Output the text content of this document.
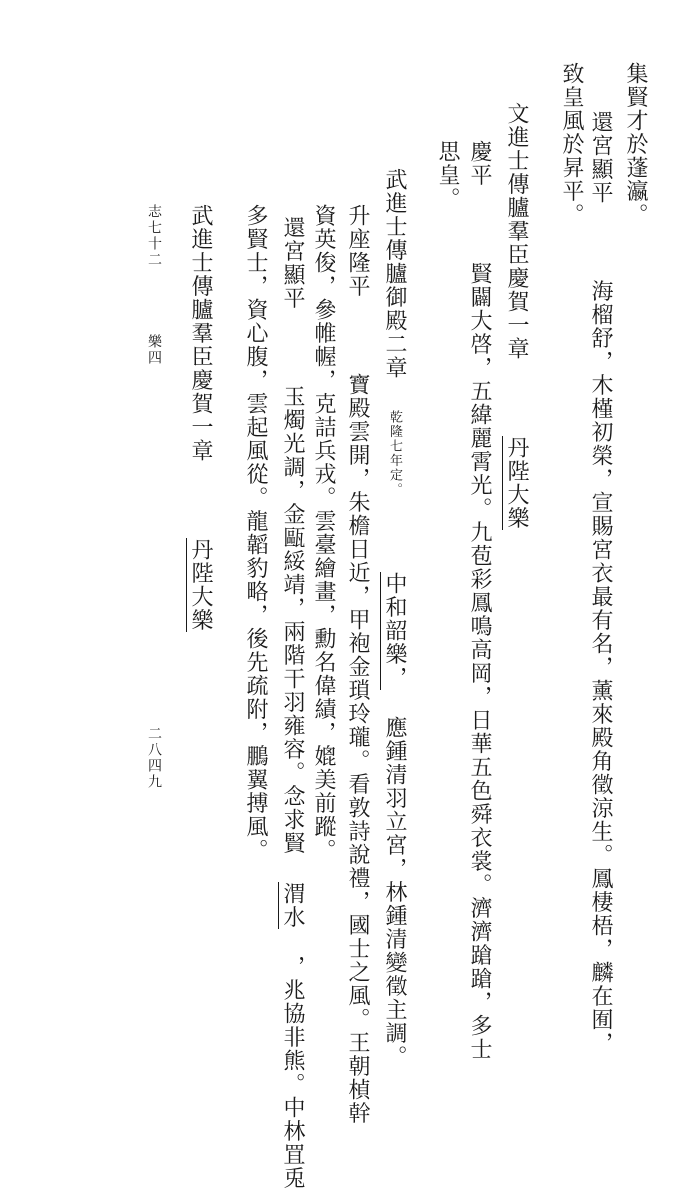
集賢才於蓬瀛。
還宮顯平  海榴舒，木槿初榮，宣賜宮衣最有名，薰來殿角徵涼生。鳳棲梧，麟在囿，
致皇風於昇平。
文進士傳臚羣臣慶賀一章  丹陛大樂
慶平  賢闢大啓，五緯麗霄光。九苞彩鳳鳴高岡，日華五色舜衣裳。濟濟蹌蹌，多士
思皇。
武進士傳臚御殿二章 乾隆七年定。  中和韶樂， 應鍾清羽立宮，林鍾清變徵主調。
升座隆平  寶殿雲開，朱檐日近，甲袍金瑣玲瓏。看敦詩說禮，國士之風。王朝楨幹
資英俊，參帷幄，克詰兵戎。雲臺繪畫，勳名偉績，媲美前蹤。
還宮顯平  玉燭光調，金甌綏靖，兩階干羽雍容。念求賢 渭水 ，兆協非熊。中林罝兎
多賢士，資心腹，雲起風從。龍韜豹略，後先疏附，鵬翼搏風。
武進士傳臚羣臣慶賀一章  丹陛大樂
志七十二  樂四
二八四九
